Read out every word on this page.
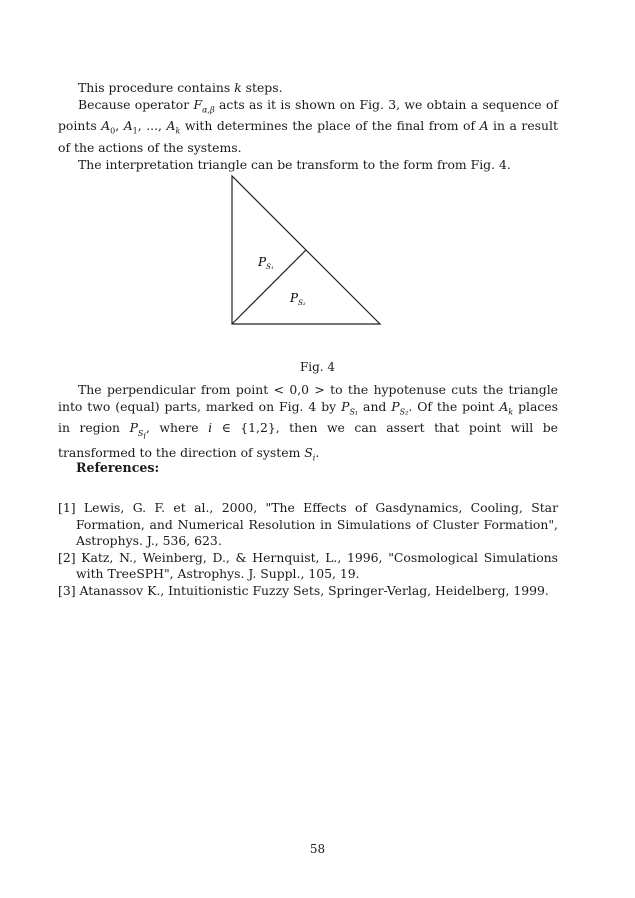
This procedure contains k steps.

Because operator $F_{\alpha,\beta}$ acts as it is shown on Fig. 3, we obtain a sequence of points $A_0$, $A_1$, ..., $A_k$ with determines the place of the final from of A in a result of the actions of the systems.

The interpretation triangle can be transform to the form from Fig. 4.

$P_{S_1}$
$P_{S_2}$
Fig. 4

The perpendicular from point < 0,0 > to the hypotenuse cuts the triangle into two (equal) parts, marked on Fig. 4 by $P_{S_1}$ and $P_{S_2}$. Of the point $A_k$ places in region $P_{S_i}$, where i ∈ {1,2}, then we can assert that point will be transformed to the direction of system $S_i$.

References:

[1] Lewis, G. F. et al., 2000, "The Effects of Gasdynamics, Cooling, Star Formation, and Numerical Resolution in Simulations of Cluster Formation", Astrophys. J., 536, 623.

[2] Katz, N., Weinberg, D., & Hernquist, L., 1996, "Cosmological Simulations with TreeSPH", Astrophys. J. Suppl., 105, 19.

[3] Atanassov K., Intuitionistic Fuzzy Sets, Springer-Verlag, Heidelberg, 1999.

58
